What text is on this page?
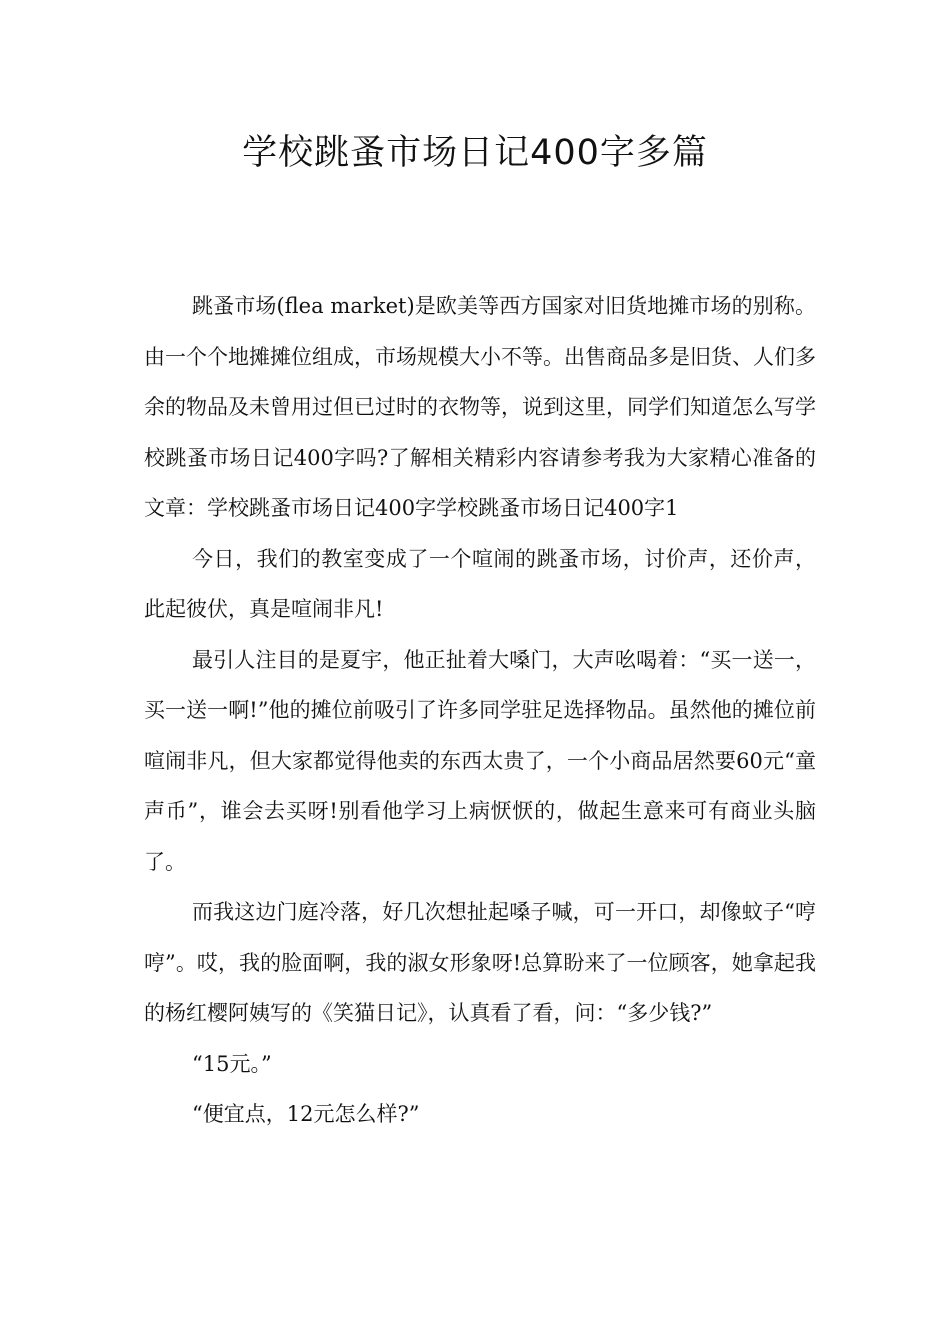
学校跳蚤市场日记400字多篇

跳蚤市场(flea market)是欧美等西方国家对旧货地摊市场的别称。由一个个地摊摊位组成，市场规模大小不等。出售商品多是旧货、人们多余的物品及未曾用过但已过时的衣物等，说到这里，同学们知道怎么写学校跳蚤市场日记400字吗?了解相关精彩内容请参考我为大家精心准备的文章：学校跳蚤市场日记400字学校跳蚤市场日记400字1

今日，我们的教室变成了一个喧闹的跳蚤市场，讨价声，还价声，此起彼伏，真是喧闹非凡!

最引人注目的是夏宇，他正扯着大嗓门，大声吆喝着：“买一送一，买一送一啊!”他的摊位前吸引了许多同学驻足选择物品。虽然他的摊位前喧闹非凡，但大家都觉得他卖的东西太贵了，一个小商品居然要60元“童声币”，谁会去买呀!别看他学习上病恹恹的，做起生意来可有商业头脑了。

而我这边门庭冷落，好几次想扯起嗓子喊，可一开口，却像蚊子“哼哼”。哎，我的脸面啊，我的淑女形象呀!总算盼来了一位顾客，她拿起我的杨红樱阿姨写的《笑猫日记》，认真看了看，问：“多少钱?”

“15元。”

“便宜点，12元怎么样?”
